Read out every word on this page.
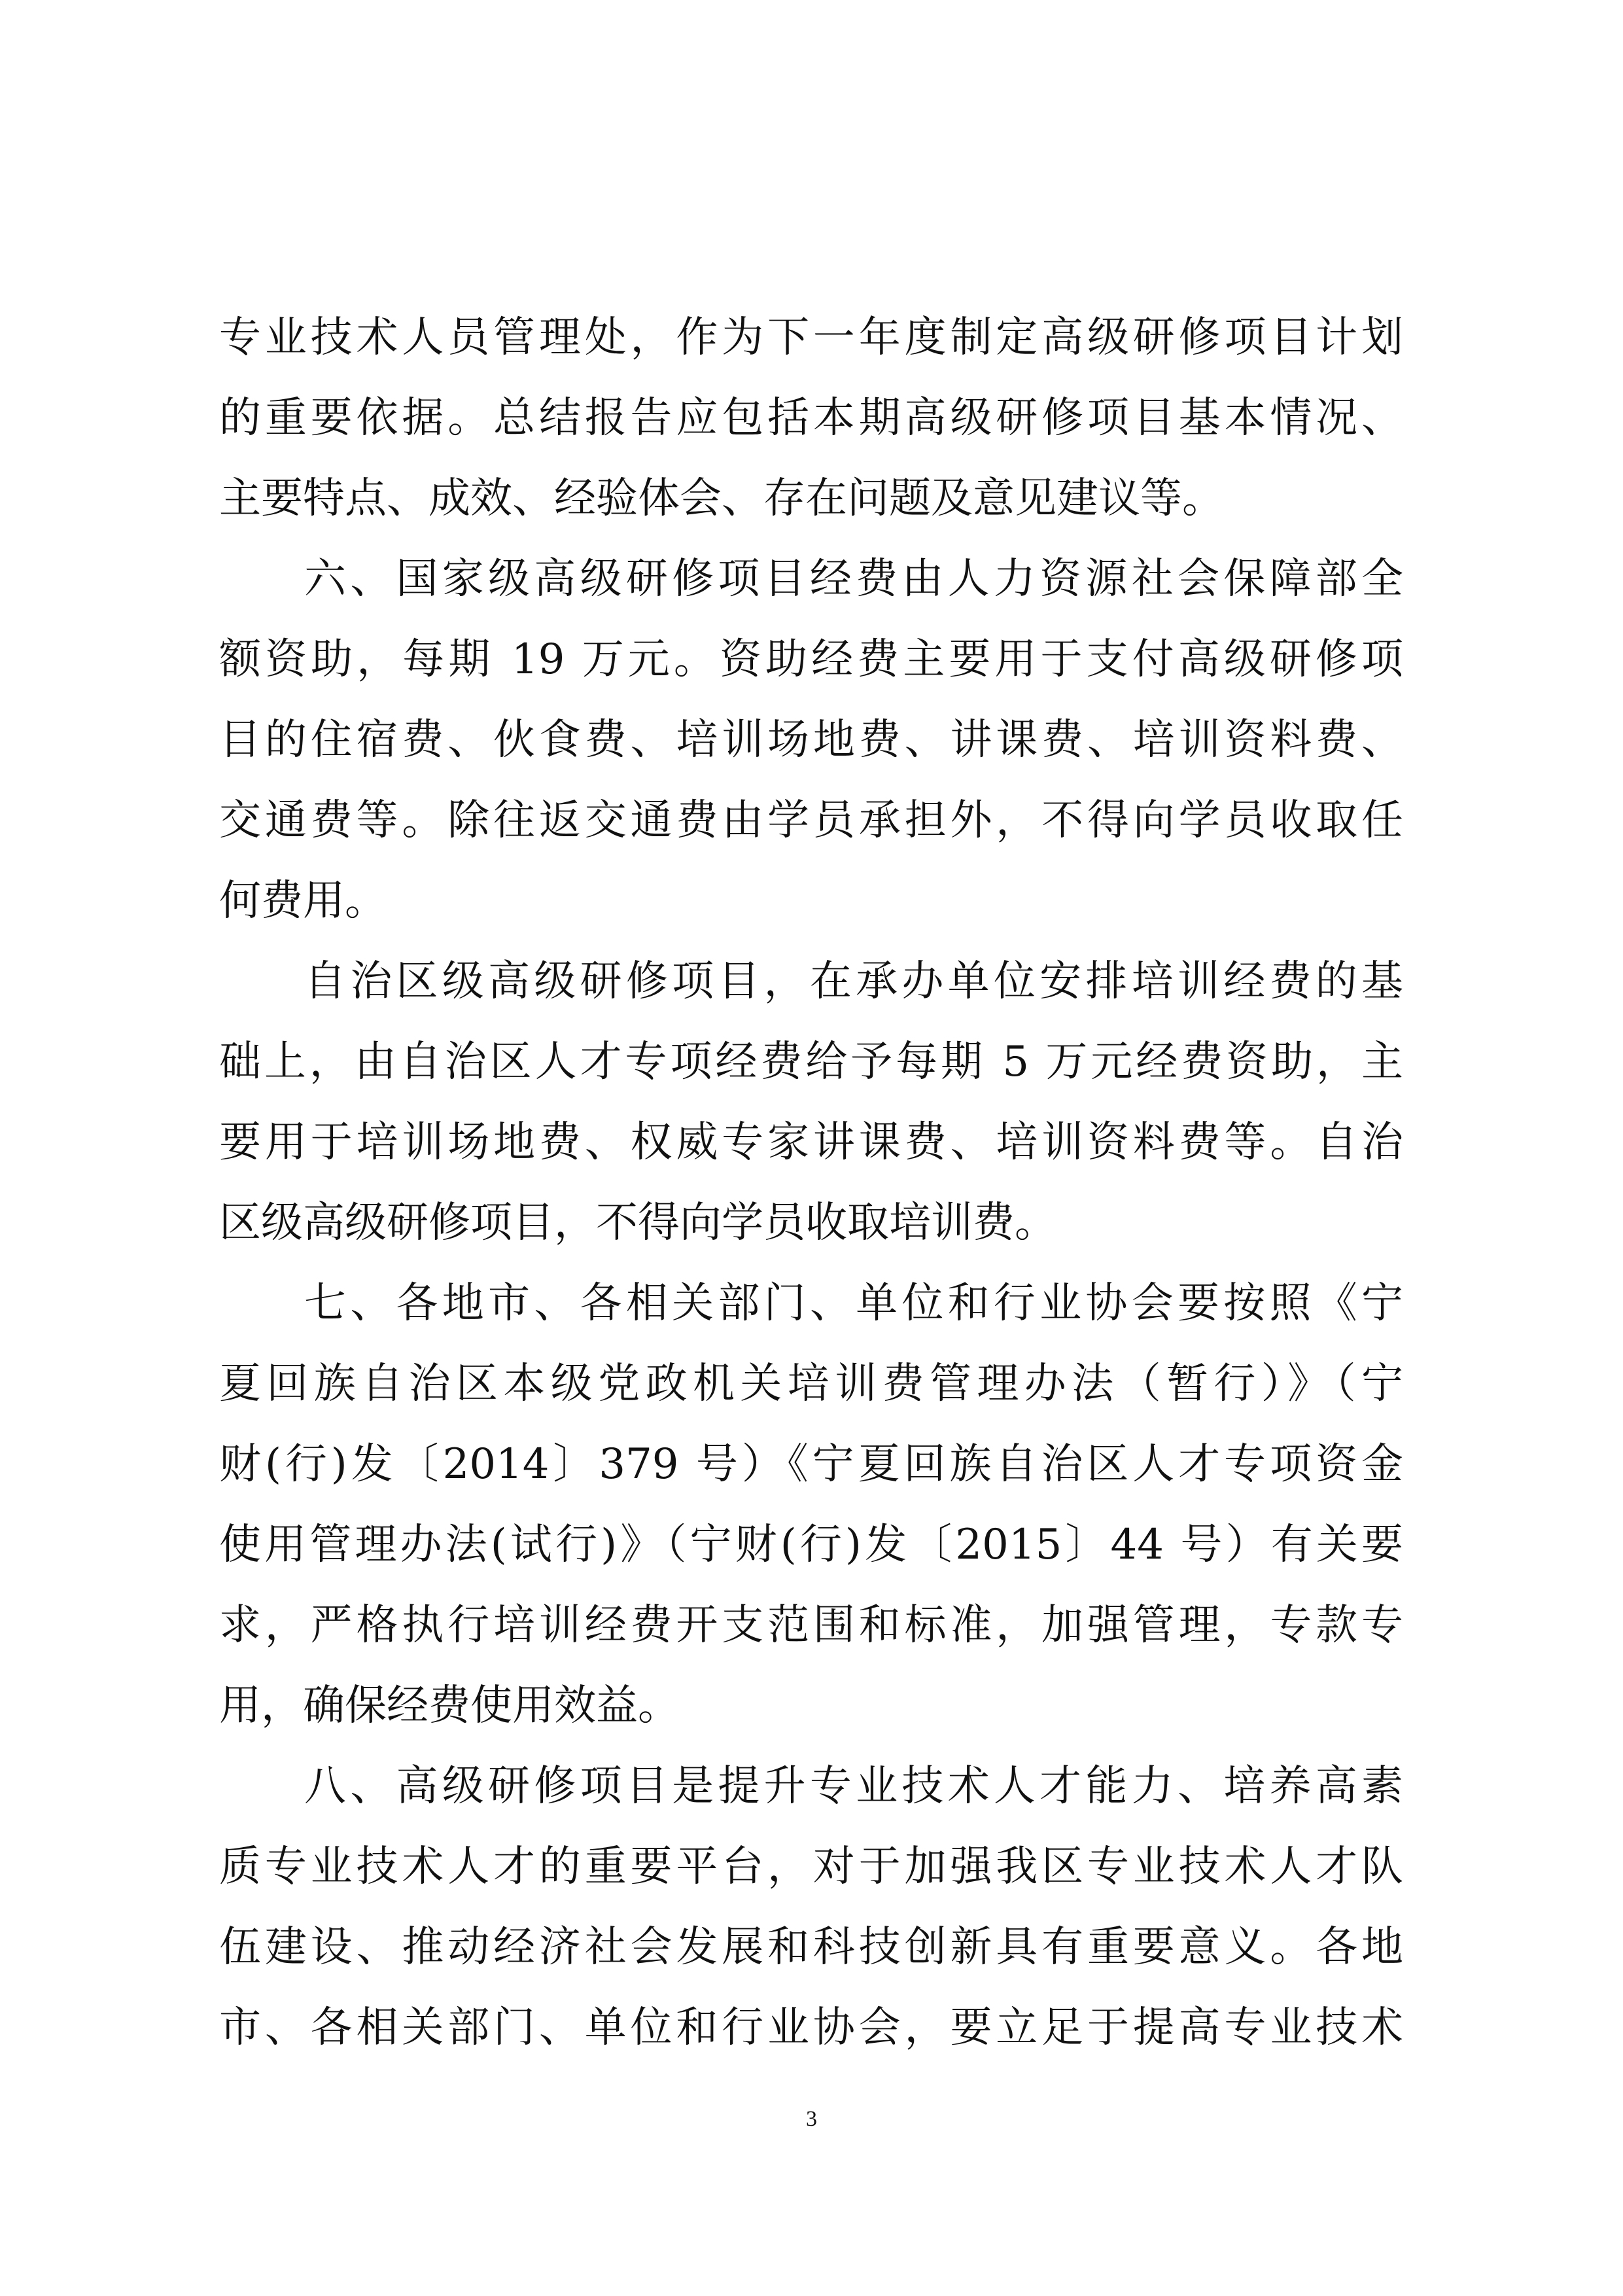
专业技术人员管理处，作为下一年度制定高级研修项目计划
的重要依据。总结报告应包括本期高级研修项目基本情况、
主要特点、成效、经验体会、存在问题及意见建议等。
六、国家级高级研修项目经费由人力资源社会保障部全
额资助，每期 19 万元。资助经费主要用于支付高级研修项
目的住宿费、伙食费、培训场地费、讲课费、培训资料费、
交通费等。除往返交通费由学员承担外，不得向学员收取任
何费用。
自治区级高级研修项目，在承办单位安排培训经费的基
础上，由自治区人才专项经费给予每期 5 万元经费资助，主
要用于培训场地费、权威专家讲课费、培训资料费等。自治
区级高级研修项目，不得向学员收取培训费。
七、各地市、各相关部门、单位和行业协会要按照《宁
夏回族自治区本级党政机关培训费管理办法（暂行）》（宁
财(行)发〔2014〕379 号）《宁夏回族自治区人才专项资金
使用管理办法(试行)》（宁财(行)发〔2015〕44 号）有关要
求，严格执行培训经费开支范围和标准，加强管理，专款专
用，确保经费使用效益。
八、高级研修项目是提升专业技术人才能力、培养高素
质专业技术人才的重要平台，对于加强我区专业技术人才队
伍建设、推动经济社会发展和科技创新具有重要意义。各地
市、各相关部门、单位和行业协会，要立足于提高专业技术
3
